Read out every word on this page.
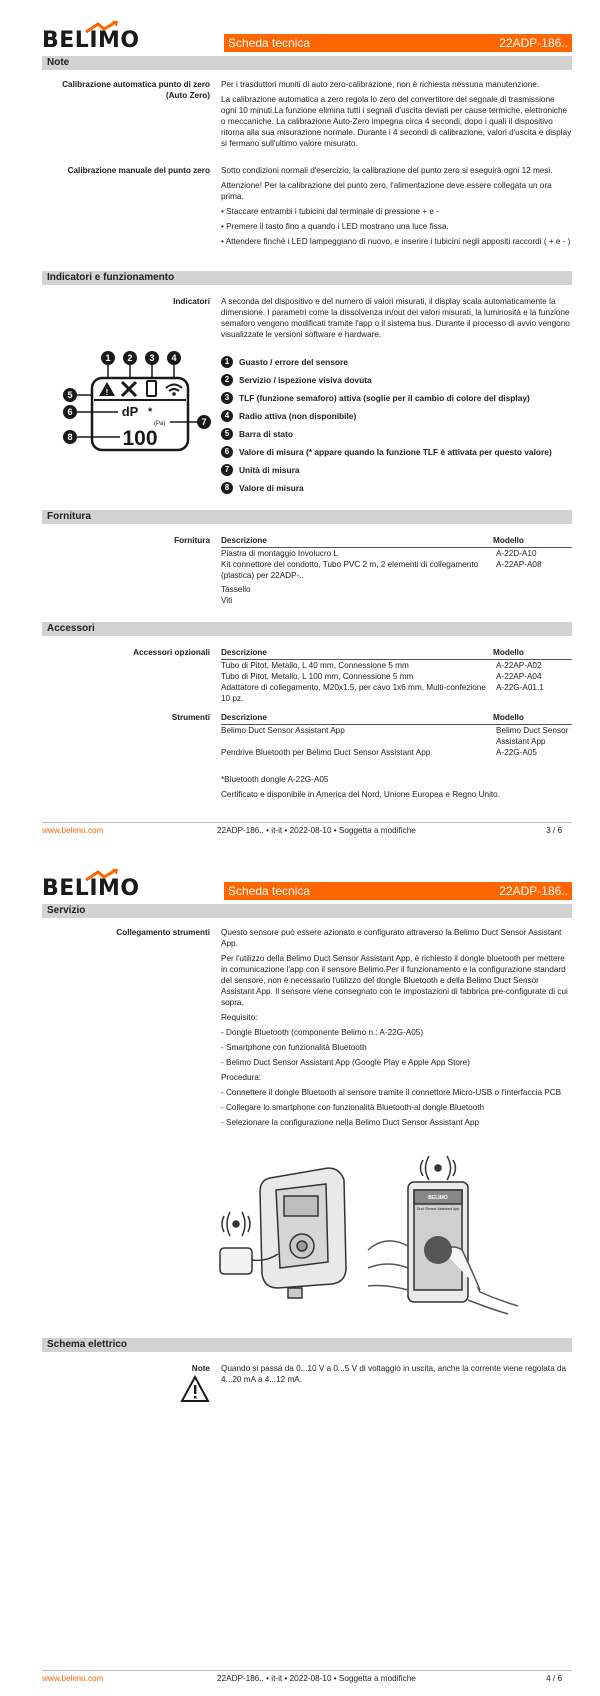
BELIMO	Scheda tecnica	22ADP-186..
Note
Calibrazione automatica punto di zero (Auto Zero)

Per i trasduttori muniti di auto zero-calibrazione, non è richiesta nessuna manutenzione.

La calibrazione automatica a zero regola lo zero del convertitore del segnale di trasmissione ogni 10 minuti.La funzione elimina tutti i segnali d'uscita deviati per cause termiche, elettroniche o meccaniche. La calibrazione Auto-Zero impegna circa 4 secondi, dopo i quali il dispositivo ritorna alla sua misurazione normale. Durante i 4 secondi di calibrazione, valori d'uscita e display si fermano sull'ultimo valore misurato.

Calibrazione manuale del punto zero Sotto condizioni normali d'esercizio, la calibrazione del punto zero si eseguirà ogni 12 mesi.

Attenzione! Per la calibrazione del punto zero, l'alimentazione deve essere collegata un ora prima.

• Staccare entrambi i tubicini dal terminale di pressione + e -

• Premere il tasto fino a quando i LED mostrano una luce fissa.

• Attendere finché i LED lampeggiano di nuovo, e inserire i tubicini negli appositi raccordi ( + e - )

Indicatori e funzionamento
Indicatori A seconda del dispositivo e del numero di valori misurati, il display scala automaticamente la dimensione. I parametri come la dissolvenza in/out dei valori misurati, la luminosità e la funzione semaforo vengono modificati tramite l'app o il sistema bus. Durante il processo di avvio vengono visualizzate le versioni software e hardware.
1 2 3 4
5
6
7
8
!
dP *
(Pa)
100
1 Guasto / errore del sensore
2 Servizio / ispezione visiva dovuta
3 TLF (funzione semaforo) attiva (soglie per il cambio di colore del display)
4 Radio attiva (non disponibile)
5 Barra di stato
6 Valore di misura (* appare quando la funzione TLF è attivata per questo valore)
7 Unità di misura
8 Valore di misura
Fornitura
Fornitura Descrizione	Modello
Piastra di montaggio Involucro L	A-22D-A10
Kit connettore del condotto, Tubo PVC 2 m, 2 elementi di collegamento (plastica) per 22ADP-..	A-22AP-A08
Tassello	
Viti	
Accessori
Accessori opzionali Descrizione	Modello
Tubo di Pitot, Metallo, L 40 mm, Connessione 5 mm	A-22AP-A02
Tubo di Pitot, Metallo, L 100 mm, Connessione 5 mm	A-22AP-A04
Adattatore di collegamento, M20x1.5, per cavo 1x6 mm, Multi-confezione 10 pz.	A-22G-A01.1
Strumenti Descrizione	Modello
Belimo Duct Sensor Assistant App	Belimo Duct Sensor Assistant App
Pendrive Bluetooth per Belimo Duct Sensor Assistant App	A-22G-A05

*Bluetooth dongle A-22G-A05

Certificato e disponibile in America del Nord, Unione Europea e Regno Unito.

www.belimo.com	22ADP-186.. • it-it • 2022-08-10 • Soggetta a modifiche	3 / 6
BELIMO	Scheda tecnica	22ADP-186..
Servizio
Collegamento strumenti Questo sensore può essere azionato e configurato attraverso la Belimo Duct Sensor Assistant App.

Per l'utilizzo della Belimo Duct Sensor Assistant App, è richiesto il dongle bluetooth per mettere in comunicazione l'app con il sensore Belimo.Per il funzionamento e la configurazione standard del sensore, non è necessario l'utilizzo del dongle Bluetooth e della Belimo Duct Sensor Assistant App. Il sensore viene consegnato con le impostazioni di fabbrica pre-configurate di cui sopra.

Requisito:

- Dongle Bluetooth (componente Belimo n.: A-22G-A05)

- Smartphone con funzionalità Bluetooth

- Belimo Duct Sensor Assistant App (Google Play e Apple App Store)

Procedura:

- Connettere il dongle Bluetooth al sensore tramite il connettore Micro-USB o l'interfaccia PCB

- Collegare lo smartphone con funzionalità Bluetooth-al dongle Bluetooth

- Selezionare la configurazione nella Belimo Duct Sensor Assistant App

BELIMO
Duct Sensor Assistant App
Schema elettrico
Note Quando si passa da 0...10 V a 0...5 V di voltaggio in uscita, anche la corrente viene regolata da 4...20 mA a 4...12 mA.
www.belimo.com	22ADP-186.. • it-it • 2022-08-10 • Soggetta a modifiche	4 / 6
